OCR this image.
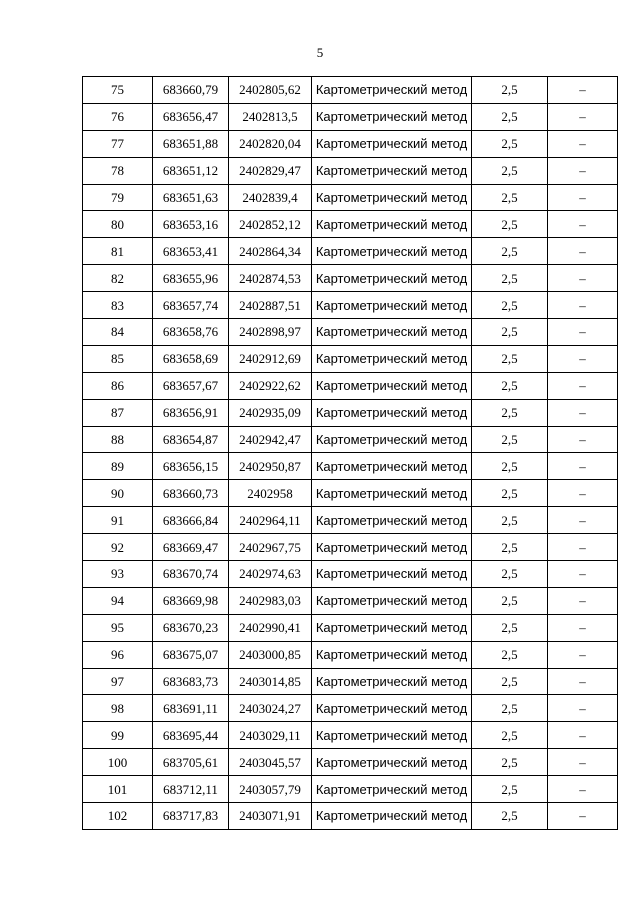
5
75	683660,79	2402805,62	Картометрический метод	2,5	–
76	683656,47	2402813,5	Картометрический метод	2,5	–
77	683651,88	2402820,04	Картометрический метод	2,5	–
78	683651,12	2402829,47	Картометрический метод	2,5	–
79	683651,63	2402839,4	Картометрический метод	2,5	–
80	683653,16	2402852,12	Картометрический метод	2,5	–
81	683653,41	2402864,34	Картометрический метод	2,5	–
82	683655,96	2402874,53	Картометрический метод	2,5	–
83	683657,74	2402887,51	Картометрический метод	2,5	–
84	683658,76	2402898,97	Картометрический метод	2,5	–
85	683658,69	2402912,69	Картометрический метод	2,5	–
86	683657,67	2402922,62	Картометрический метод	2,5	–
87	683656,91	2402935,09	Картометрический метод	2,5	–
88	683654,87	2402942,47	Картометрический метод	2,5	–
89	683656,15	2402950,87	Картометрический метод	2,5	–
90	683660,73	2402958	Картометрический метод	2,5	–
91	683666,84	2402964,11	Картометрический метод	2,5	–
92	683669,47	2402967,75	Картометрический метод	2,5	–
93	683670,74	2402974,63	Картометрический метод	2,5	–
94	683669,98	2402983,03	Картометрический метод	2,5	–
95	683670,23	2402990,41	Картометрический метод	2,5	–
96	683675,07	2403000,85	Картометрический метод	2,5	–
97	683683,73	2403014,85	Картометрический метод	2,5	–
98	683691,11	2403024,27	Картометрический метод	2,5	–
99	683695,44	2403029,11	Картометрический метод	2,5	–
100	683705,61	2403045,57	Картометрический метод	2,5	–
101	683712,11	2403057,79	Картометрический метод	2,5	–
102	683717,83	2403071,91	Картометрический метод	2,5	–
